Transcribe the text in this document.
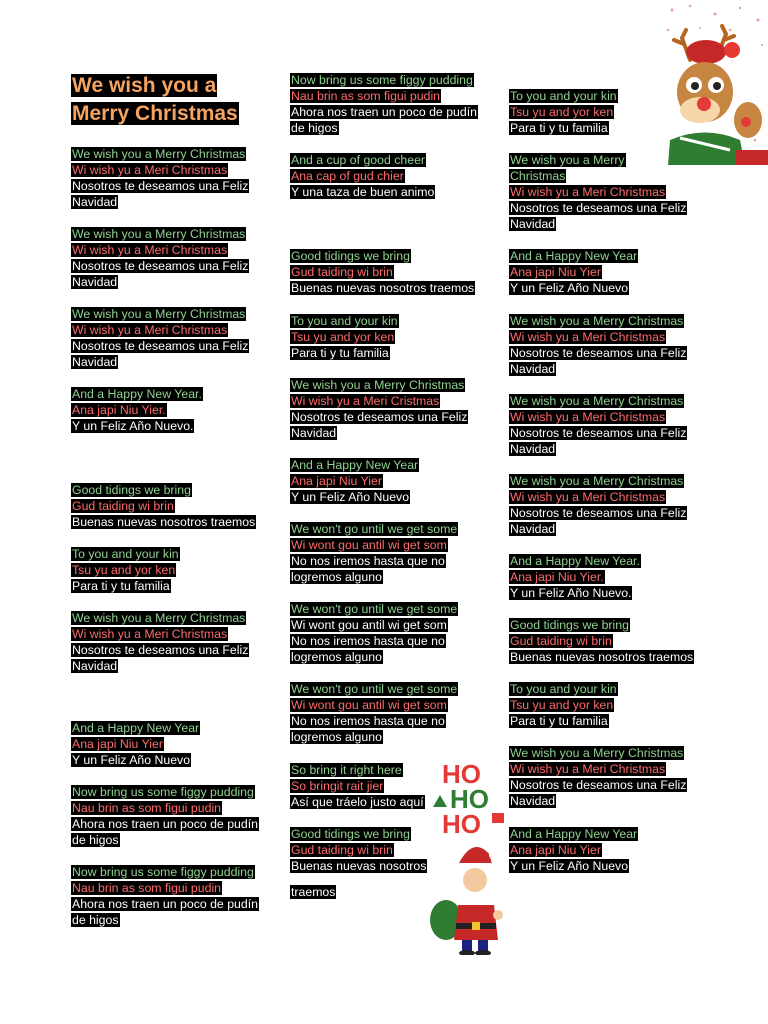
We wish you a
Merry Christmas
We wish you a Merry Christmas
Wi wish yu a Meri Christmas
Nosotros te deseamos una Feliz
Navidad
We wish you a Merry Christmas
Wi wish yu a Meri Christmas
Nosotros te deseamos una Feliz
Navidad
We wish you a Merry Christmas
Wi wish yu a Meri Christmas
Nosotros te deseamos una Feliz
Navidad
And a Happy New Year.
Ana japi Niu Yier.
Y un Feliz Año Nuevo.
Good tidings we bring
Gud taiding wi brin
Buenas nuevas nosotros traemos
To you and your kin
Tsu yu and yor ken
Para ti y tu familia
We wish you a Merry Christmas
Wi wish yu a Meri Christmas
Nosotros te deseamos una Feliz
Navidad
And a Happy New Year
Ana japi Niu Yier
Y un Feliz Año Nuevo
Now bring us some figgy pudding
Nau brin as som figui pudin
Ahora nos traen un poco de pudín
de higos
Now bring us some figgy pudding
Nau brin as som figui pudin
Ahora nos traen un poco de pudín
de higos
Now bring us some figgy pudding
Nau brin as som figui pudin
Ahora nos traen un poco de pudín
de higos
And a cup of good cheer
Ana cap of gud chier
Y una taza de buen animo
Good tidings we bring
Gud taiding wi brin
Buenas nuevas nosotros traemos
To you and your kin
Tsu yu and yor ken
Para ti y tu familia
We wish you a Merry Christmas
Wi wish yu a Meri Cristmas
Nosotros te deseamos una Feliz
Navidad
And a Happy New Year
Ana japi Niu Yier
Y un Feliz Año Nuevo
We won't go until we get some
Wi wont gou antil wi get som
No nos iremos hasta que no
logremos alguno
We won't go until we get some
Wi wont gou antil wi get som
No nos iremos hasta que no
logremos alguno
We won't go until we get some
Wi wont gou antil wi get som
No nos iremos hasta que no
logremos alguno
So bring it right here
So bringit rait jier
Así que tráelo justo aquí
Good tidings we bring
Gud taiding wi brin
Buenas nuevas nosotros
traemos
To you and your kin
Tsu yu and yor ken
Para ti y tu familia
We wish you a Merry
Christmas
Wi wish yu a Meri Christmas
Nosotros te deseamos una Feliz
Navidad
And a Happy New Year
Ana japi Niu Yier
Y un Feliz Año Nuevo
We wish you a Merry Christmas
Wi wish yu a Meri Christmas
Nosotros te deseamos una Feliz
Navidad
We wish you a Merry Christmas
Wi wish yu a Meri Christmas
Nosotros te deseamos una Feliz
Navidad
We wish you a Merry Christmas
Wi wish yu a Meri Christmas
Nosotros te deseamos una Feliz
Navidad
And a Happy New Year.
Ana japi Niu Yier.
Y un Feliz Año Nuevo.
Good tidings we bring
Gud taiding wi brin
Buenas nuevas nosotros traemos
To you and your kin
Tsu yu and yor ken
Para ti y tu familia
We wish you a Merry Christmas
Wi wish yu a Meri Christmas
Nosotros te deseamos una Feliz
Navidad
And a Happy New Year
Ana japi Niu Yier
Y un Feliz Año Nuevo
HO
HO
HO
